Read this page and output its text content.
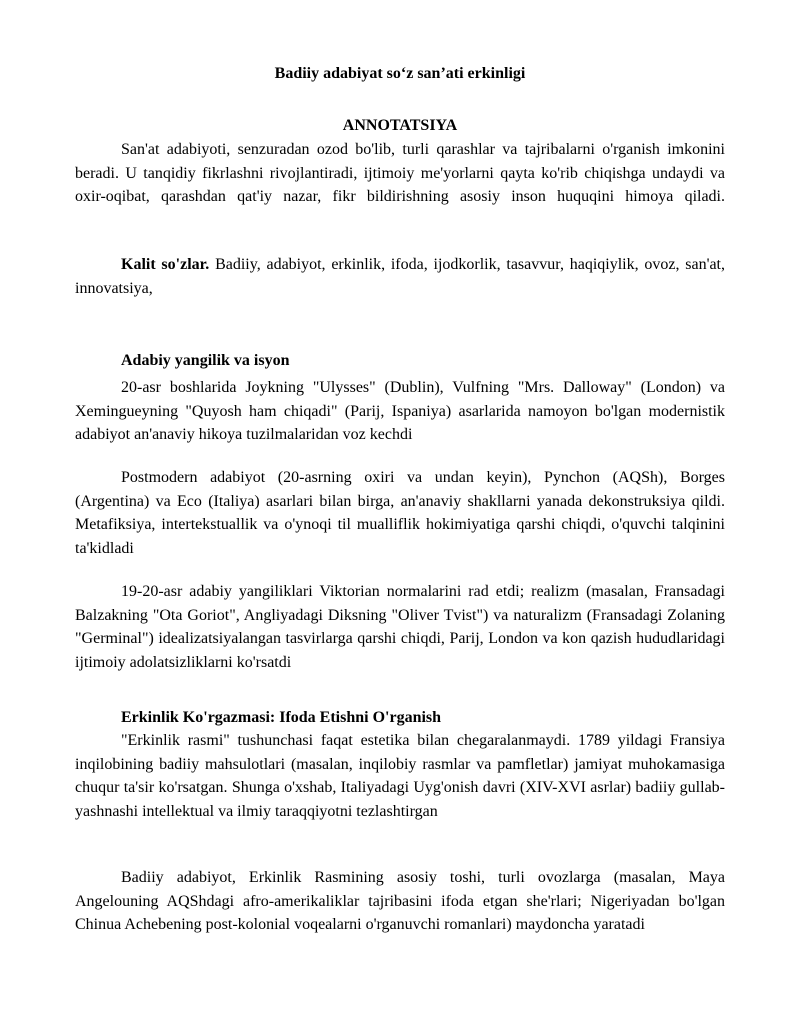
Badiiy adabiyat so‘z san’ati erkinligi
ANNOTATSIYA

San'at adabiyoti, senzuradan ozod bo'lib, turli qarashlar va tajribalarni o'rganish imkonini beradi. U tanqidiy fikrlashni rivojlantiradi, ijtimoiy me'yorlarni qayta ko'rib chiqishga undaydi va oxir-oqibat, qarashdan qat'iy nazar, fikr bildirishning asosiy inson huquqini himoya qiladi.

Kalit so'zlar. Badiiy, adabiyot, erkinlik, ifoda, ijodkorlik, tasavvur, haqiqiylik, ovoz, san'at, innovatsiya,

Adabiy yangilik va isyon

20-asr boshlarida Joykning "Ulysses" (Dublin), Vulfning "Mrs. Dalloway" (London) va Xemingueyning "Quyosh ham chiqadi" (Parij, Ispaniya) asarlarida namoyon bo'lgan modernistik adabiyot an'anaviy hikoya tuzilmalaridan voz kechdi

Postmodern adabiyot (20-asrning oxiri va undan keyin), Pynchon (AQSh), Borges (Argentina) va Eco (Italiya) asarlari bilan birga, an'anaviy shakllarni yanada dekonstruksiya qildi. Metafiksiya, intertekstuallik va o'ynoqi til mualliflik hokimiyatiga qarshi chiqdi, o'quvchi talqinini ta'kidladi

19-20-asr adabiy yangiliklari Viktorian normalarini rad etdi; realizm (masalan, Fransadagi Balzakning "Ota Goriot", Angliyadagi Diksning "Oliver Tvist") va naturalizm (Fransadagi Zolaning "Germinal") idealizatsiyalangan tasvirlarga qarshi chiqdi, Parij, London va kon qazish hududlaridagi ijtimoiy adolatsizliklarni ko'rsatdi

Erkinlik Ko'rgazmasi: Ifoda Etishni O'rganish

"Erkinlik rasmi" tushunchasi faqat estetika bilan chegaralanmaydi. 1789 yildagi Fransiya inqilobining badiiy mahsulotlari (masalan, inqilobiy rasmlar va pamfletlar) jamiyat muhokamasiga chuqur ta'sir ko'rsatgan. Shunga o'xshab, Italiyadagi Uyg'onish davri (XIV-XVI asrlar) badiiy gullab-yashnashi intellektual va ilmiy taraqqiyotni tezlashtirgan

Badiiy adabiyot, Erkinlik Rasmining asosiy toshi, turli ovozlarga (masalan, Maya Angelouning AQShdagi afro-amerikaliklar tajribasini ifoda etgan she'rlari; Nigeriyadan bo'lgan Chinua Achebening post-kolonial voqealarni o'rganuvchi romanlari) maydoncha yaratadi
